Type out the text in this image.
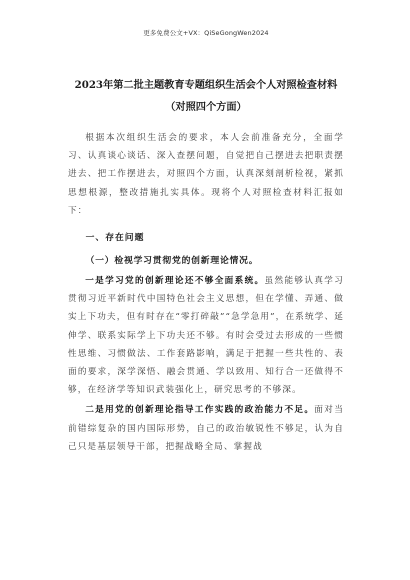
更多免费公文+VX：QiSeGongWen2024
2023年第二批主题教育专题组织生活会个人对照检查材料
（对照四个方面）

根据本次组织生活会的要求，本人会前准备充分，全面学习、认真谈心谈话、深入查摆问题，自觉把自己摆进去把职责摆进去、把工作摆进去，对照四个方面，认真深刻剖析检视，紧抓思想根源，整改措施扎实具体。现将个人对照检查材料汇报如下：

一、存在问题
（一）检视学习贯彻党的创新理论情况。

一是学习党的创新理论还不够全面系统。虽然能够认真学习贯彻习近平新时代中国特色社会主义思想，但在学懂、弄通、做实上下功夫，但有时存在“零打碎敲”“急学急用”，在系统学、延伸学、联系实际学上下功夫还不够。有时会受过去形成的一些惯性思维、习惯做法、工作套路影响，满足于把握一些共性的、表面的要求，深学深悟、融会贯通、学以致用、知行合一还做得不够，在经济学等知识武装强化上，研究思考的不够深。

二是用党的创新理论指导工作实践的政治能力不足。面对当前错综复杂的国内国际形势，自己的政治敏锐性不够足，认为自己只是基层领导干部，把握战略全局、掌握战
